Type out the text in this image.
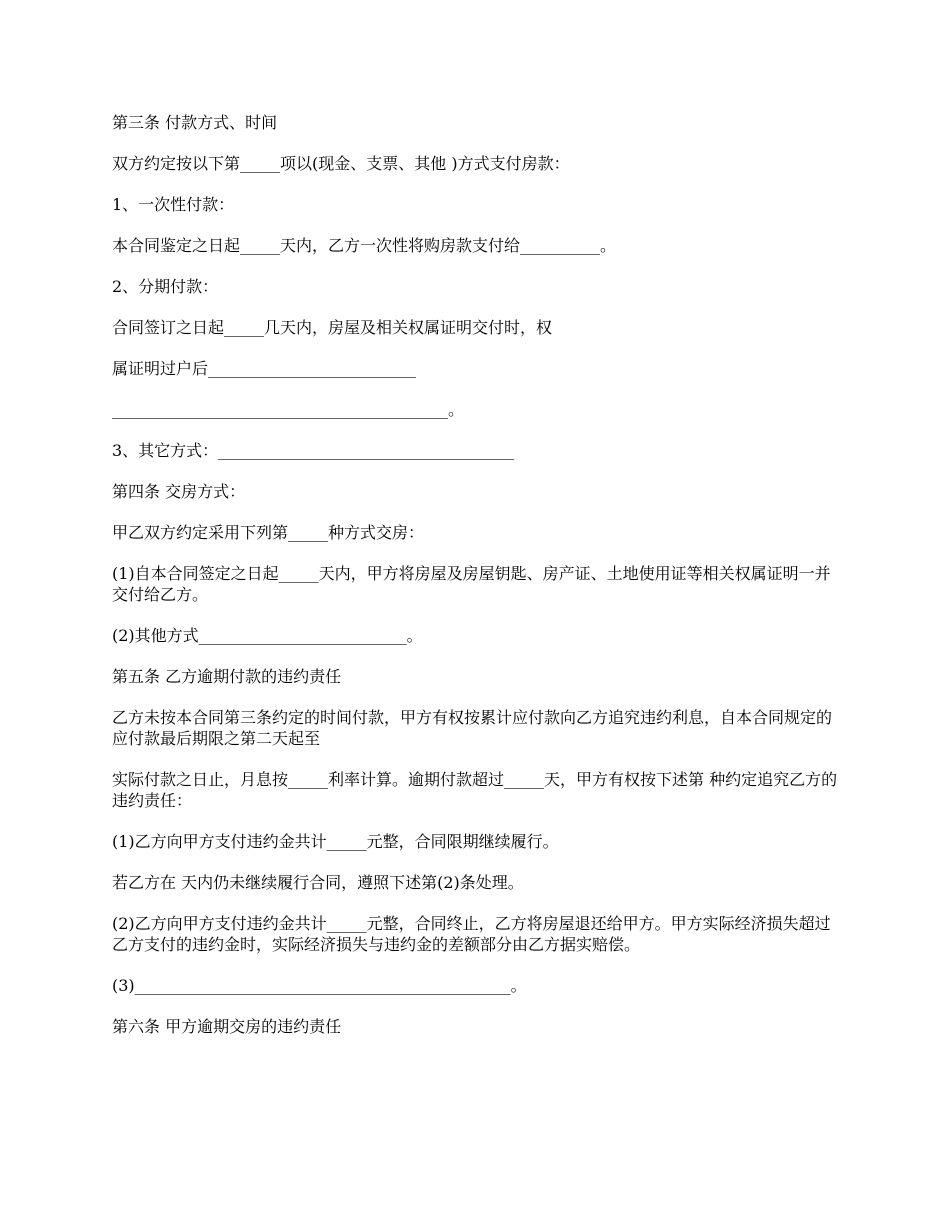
第三条 付款方式、时间

双方约定按以下第_____项以(现金、支票、其他 )方式支付房款：

1、一次性付款：

本合同鉴定之日起_____天内，乙方一次性将购房款支付给__________。

2、分期付款：

合同签订之日起_____几天内，房屋及相关权属证明交付时，权

属证明过户后__________________________

__________________________________________。

3、其它方式：_____________________________________

第四条 交房方式：

甲乙双方约定采用下列第_____种方式交房：

(1)自本合同签定之日起_____天内，甲方将房屋及房屋钥匙、房产证、土地使用证等相关权属证明一并交付给乙方。

(2)其他方式__________________________。

第五条 乙方逾期付款的违约责任

乙方未按本合同第三条约定的时间付款，甲方有权按累计应付款向乙方追究违约利息，自本合同规定的应付款最后期限之第二天起至

实际付款之日止，月息按_____利率计算。逾期付款超过_____天，甲方有权按下述第 种约定追究乙方的违约责任：

(1)乙方向甲方支付违约金共计_____元整，合同限期继续履行。

若乙方在 天内仍未继续履行合同，遵照下述第(2)条处理。

(2)乙方向甲方支付违约金共计_____元整，合同终止，乙方将房屋退还给甲方。甲方实际经济损失超过乙方支付的违约金时，实际经济损失与违约金的差额部分由乙方据实赔偿。

(3)_______________________________________________。

第六条 甲方逾期交房的违约责任
